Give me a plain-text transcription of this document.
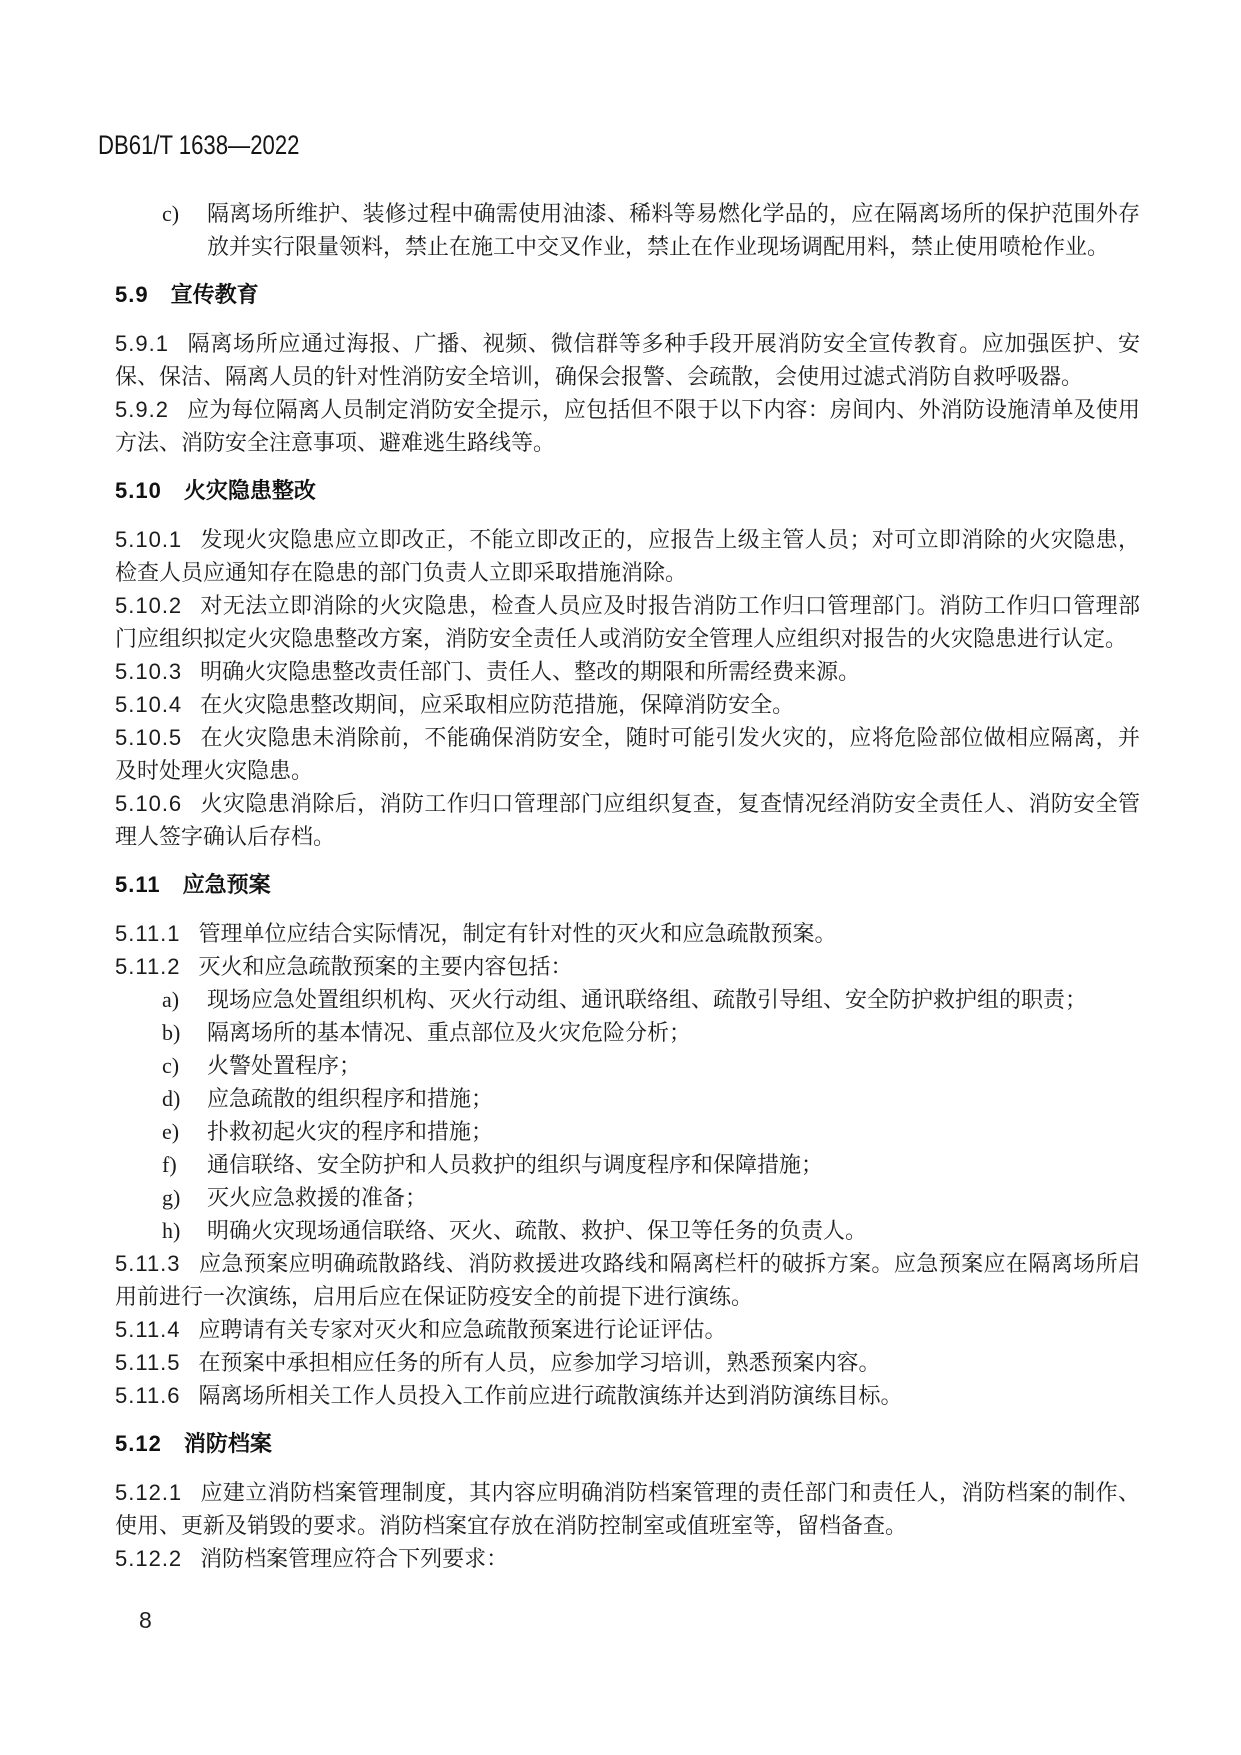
DB61/T 1638—2022
c) 隔离场所维护、装修过程中确需使用油漆、稀料等易燃化学品的，应在隔离场所的保护范围外存放并实行限量领料，禁止在施工中交叉作业，禁止在作业现场调配用料，禁止使用喷枪作业。
5.9 宣传教育

5.9.1 隔离场所应通过海报、广播、视频、微信群等多种手段开展消防安全宣传教育。应加强医护、安保、保洁、隔离人员的针对性消防安全培训，确保会报警、会疏散，会使用过滤式消防自救呼吸器。

5.9.2 应为每位隔离人员制定消防安全提示，应包括但不限于以下内容：房间内、外消防设施清单及使用方法、消防安全注意事项、避难逃生路线等。

5.10 火灾隐患整改

5.10.1 发现火灾隐患应立即改正，不能立即改正的，应报告上级主管人员；对可立即消除的火灾隐患，检查人员应通知存在隐患的部门负责人立即采取措施消除。

5.10.2 对无法立即消除的火灾隐患，检查人员应及时报告消防工作归口管理部门。消防工作归口管理部门应组织拟定火灾隐患整改方案，消防安全责任人或消防安全管理人应组织对报告的火灾隐患进行认定。

5.10.3 明确火灾隐患整改责任部门、责任人、整改的期限和所需经费来源。

5.10.4 在火灾隐患整改期间，应采取相应防范措施，保障消防安全。

5.10.5 在火灾隐患未消除前，不能确保消防安全，随时可能引发火灾的，应将危险部位做相应隔离，并及时处理火灾隐患。

5.10.6 火灾隐患消除后，消防工作归口管理部门应组织复查，复查情况经消防安全责任人、消防安全管理人签字确认后存档。

5.11 应急预案

5.11.1 管理单位应结合实际情况，制定有针对性的灭火和应急疏散预案。

5.11.2 灭火和应急疏散预案的主要内容包括：

a) 现场应急处置组织机构、灭火行动组、通讯联络组、疏散引导组、安全防护救护组的职责；
b) 隔离场所的基本情况、重点部位及火灾危险分析；
c) 火警处置程序；
d) 应急疏散的组织程序和措施；
e) 扑救初起火灾的程序和措施；
f) 通信联络、安全防护和人员救护的组织与调度程序和保障措施；
g) 灭火应急救援的准备；
h) 明确火灾现场通信联络、灭火、疏散、救护、保卫等任务的负责人。

5.11.3 应急预案应明确疏散路线、消防救援进攻路线和隔离栏杆的破拆方案。应急预案应在隔离场所启用前进行一次演练，启用后应在保证防疫安全的前提下进行演练。

5.11.4 应聘请有关专家对灭火和应急疏散预案进行论证评估。

5.11.5 在预案中承担相应任务的所有人员，应参加学习培训，熟悉预案内容。

5.11.6 隔离场所相关工作人员投入工作前应进行疏散演练并达到消防演练目标。

5.12 消防档案

5.12.1 应建立消防档案管理制度，其内容应明确消防档案管理的责任部门和责任人，消防档案的制作、使用、更新及销毁的要求。消防档案宜存放在消防控制室或值班室等，留档备查。

5.12.2 消防档案管理应符合下列要求：

8
